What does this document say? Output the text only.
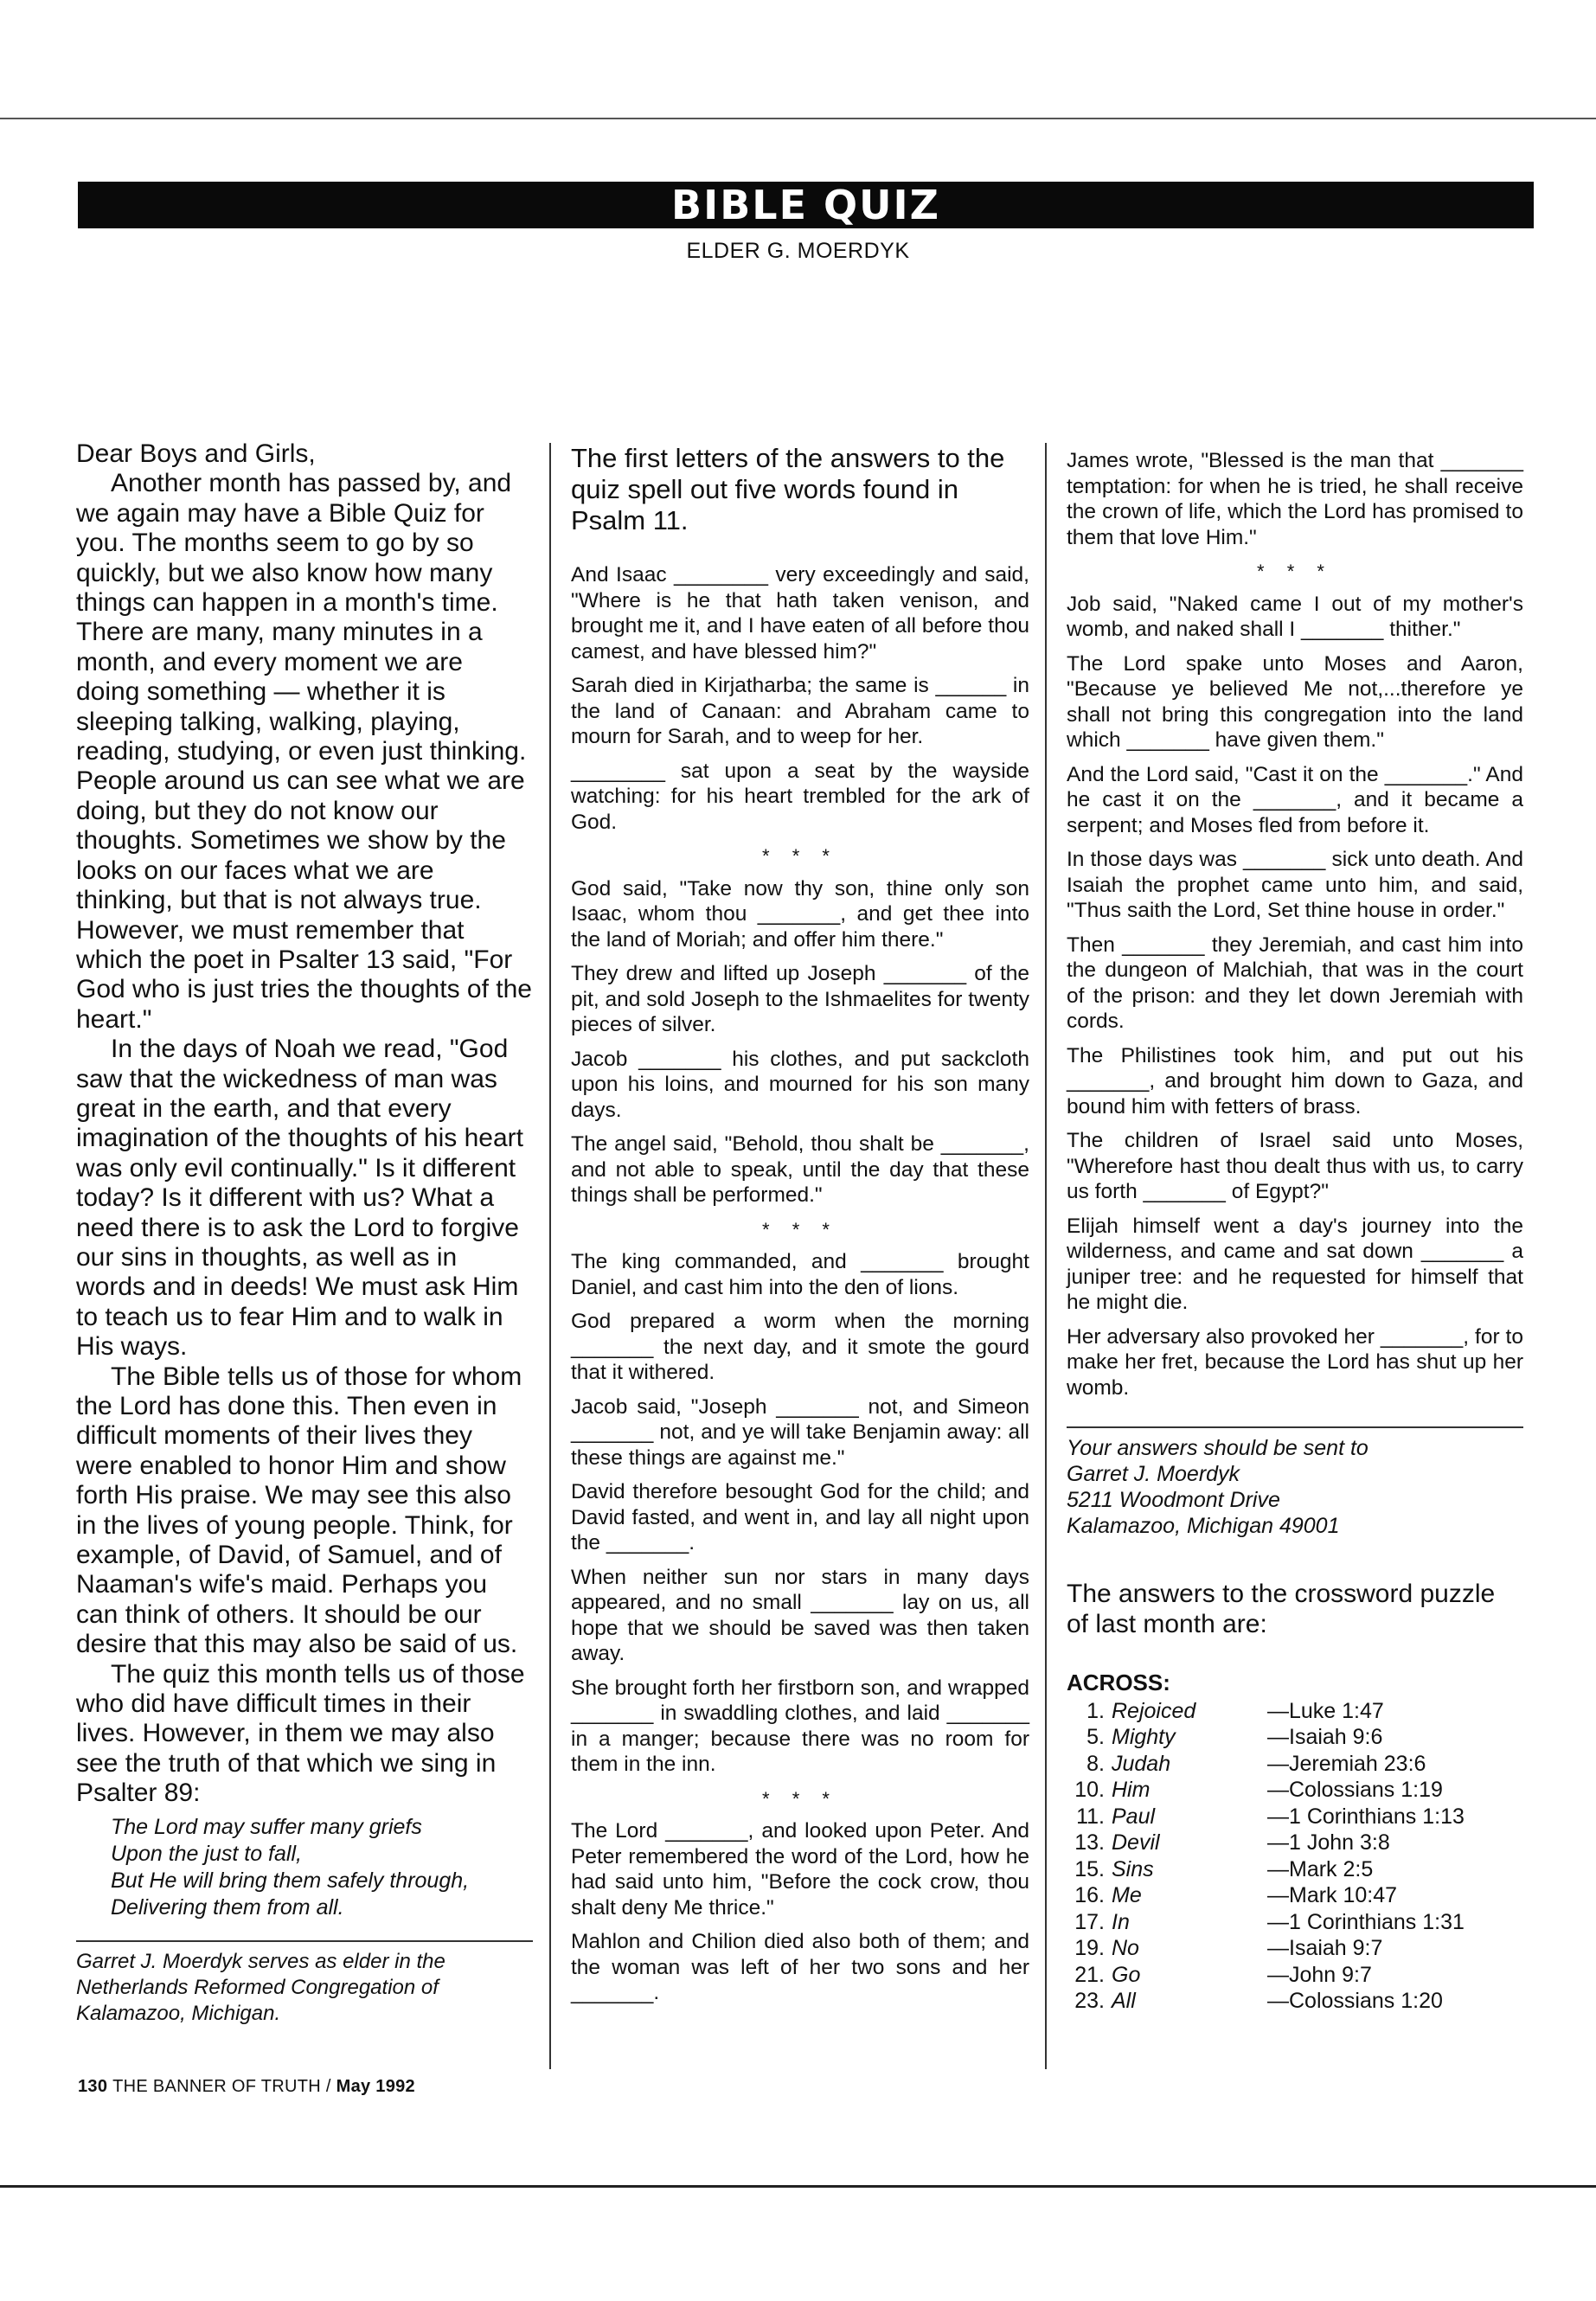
BIBLE QUIZ
ELDER G. MOERDYK

Dear Boys and Girls,

Another month has passed by, and we again may have a Bible Quiz for you. The months seem to go by so quickly, but we also know how many things can happen in a month's time. There are many, many minutes in a month, and every moment we are doing something — whether it is sleeping talking, walking, playing, reading, studying, or even just thinking. People around us can see what we are doing, but they do not know our thoughts. Sometimes we show by the looks on our faces what we are thinking, but that is not always true. However, we must remember that which the poet in Psalter 13 said, "For God who is just tries the thoughts of the heart."

In the days of Noah we read, "God saw that the wickedness of man was great in the earth, and that every imagination of the thoughts of his heart was only evil continually." Is it different today? Is it different with us? What a need there is to ask the Lord to forgive our sins in thoughts, as well as in words and in deeds! We must ask Him to teach us to fear Him and to walk in His ways.

The Bible tells us of those for whom the Lord has done this. Then even in difficult moments of their lives they were enabled to honor Him and show forth His praise. We may see this also in the lives of young people. Think, for example, of David, of Samuel, and of Naaman's wife's maid. Perhaps you can think of others. It should be our desire that this may also be said of us.

The quiz this month tells us of those who did have difficult times in their lives. However, in them we may also see the truth of that which we sing in Psalter 89:

The Lord may suffer many griefs
Upon the just to fall,
But He will bring them safely through,
Delivering them from all.

Garret J. Moerdyk serves as elder in the Netherlands Reformed Congregation of Kalamazoo, Michigan.

The first letters of the answers to the quiz spell out five words found in Psalm 11.

And Isaac ________ very exceedingly and said, "Where is he that hath taken venison, and brought me it, and I have eaten of all before thou camest, and have blessed him?"

Sarah died in Kirjatharba; the same is ______ in the land of Canaan: and Abraham came to mourn for Sarah, and to weep for her.

________ sat upon a seat by the wayside watching: for his heart trembled for the ark of God.

* * *

God said, "Take now thy son, thine only son Isaac, whom thou _______, and get thee into the land of Moriah; and offer him there."

They drew and lifted up Joseph _______ of the pit, and sold Joseph to the Ishmaelites for twenty pieces of silver.

Jacob _______ his clothes, and put sackcloth upon his loins, and mourned for his son many days.

The angel said, "Behold, thou shalt be _______, and not able to speak, until the day that these things shall be performed."

* * *

The king commanded, and _______ brought Daniel, and cast him into the den of lions.

God prepared a worm when the morning _______ the next day, and it smote the gourd that it withered.

Jacob said, "Joseph _______ not, and Simeon _______ not, and ye will take Benjamin away: all these things are against me."

David therefore besought God for the child; and David fasted, and went in, and lay all night upon the _______.

When neither sun nor stars in many days appeared, and no small _______ lay on us, all hope that we should be saved was then taken away.

She brought forth her firstborn son, and wrapped _______ in swaddling clothes, and laid _______ in a manger; because there was no room for them in the inn.

* * *

The Lord _______, and looked upon Peter. And Peter remembered the word of the Lord, how he had said unto him, "Before the cock crow, thou shalt deny Me thrice."

Mahlon and Chilion died also both of them; and the woman was left of her two sons and her _______.

James wrote, "Blessed is the man that _______ temptation: for when he is tried, he shall receive the crown of life, which the Lord has promised to them that love Him."

* * *

Job said, "Naked came I out of my mother's womb, and naked shall I _______ thither."

The Lord spake unto Moses and Aaron, "Because ye believed Me not,...therefore ye shall not bring this congregation into the land which _______ have given them."

And the Lord said, "Cast it on the _______." And he cast it on the _______, and it became a serpent; and Moses fled from before it.

In those days was _______ sick unto death. And Isaiah the prophet came unto him, and said, "Thus saith the Lord, Set thine house in order."

Then _______ they Jeremiah, and cast him into the dungeon of Malchiah, that was in the court of the prison: and they let down Jeremiah with cords.

The Philistines took him, and put out his _______, and brought him down to Gaza, and bound him with fetters of brass.

The children of Israel said unto Moses, "Wherefore hast thou dealt thus with us, to carry us forth _______ of Egypt?"

Elijah himself went a day's journey into the wilderness, and came and sat down _______ a juniper tree: and he requested for himself that he might die.

Her adversary also provoked her _______, for to make her fret, because the Lord has shut up her womb.

Your answers should be sent to
Garret J. Moerdyk
5211 Woodmont Drive
Kalamazoo, Michigan 49001

The answers to the crossword puzzle of last month are:

ACROSS:
1. Rejoiced	—Luke 1:47
5. Mighty	—Isaiah 9:6
8. Judah	—Jeremiah 23:6
10. Him	—Colossians 1:19
11. Paul	—1 Corinthians 1:13
13. Devil	—1 John 3:8
15. Sins	—Mark 2:5
16. Me	—Mark 10:47
17. In	—1 Corinthians 1:31
19. No	—Isaiah 9:7
21. Go	—John 9:7
23. All	—Colossians 1:20
130 THE BANNER OF TRUTH / May 1992
